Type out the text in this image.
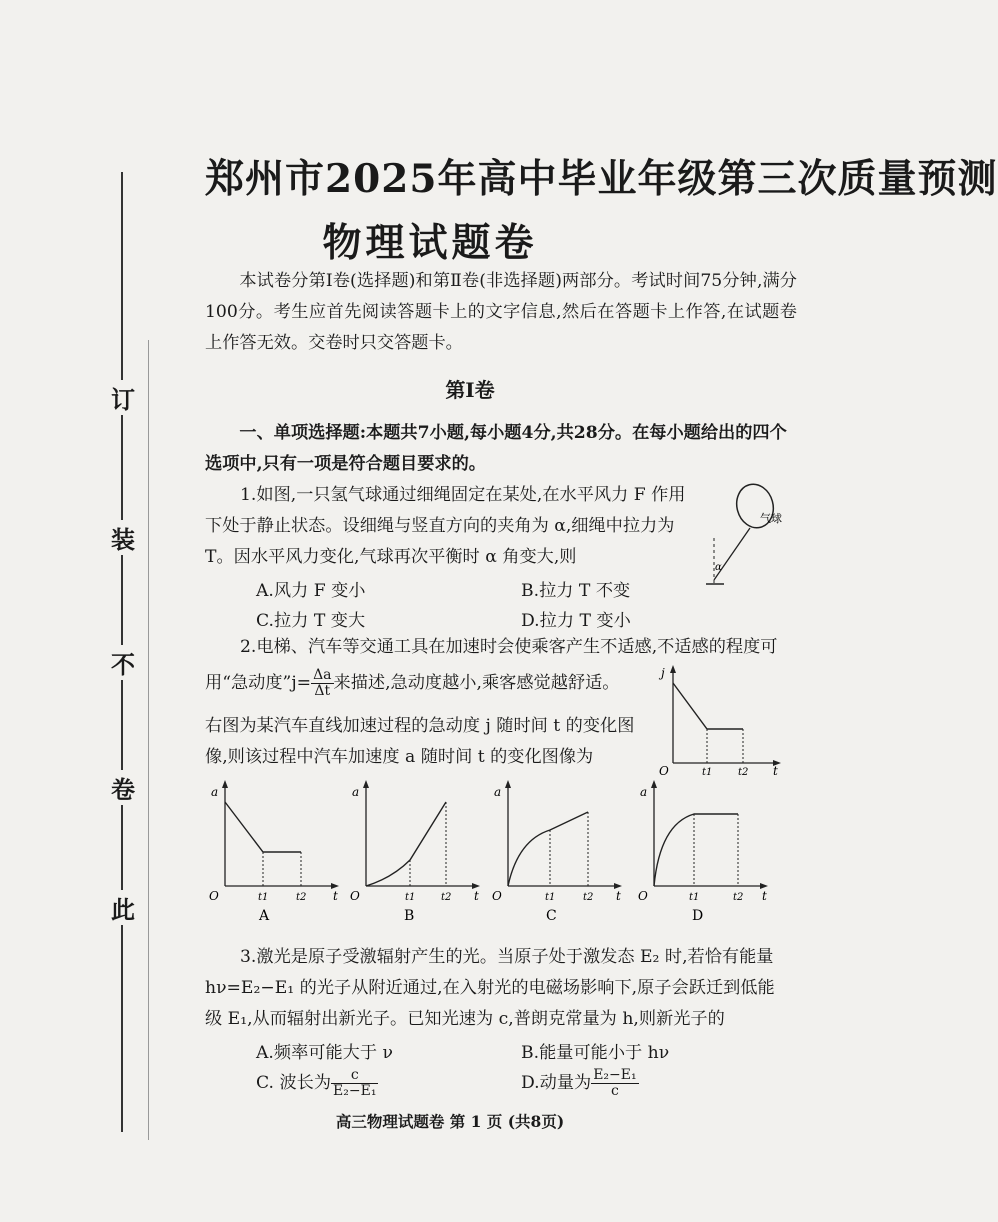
此
卷
不
装
订
郑州市2025年高中毕业年级第三次质量预测
物理试题卷
本试卷分第Ⅰ卷(选择题)和第Ⅱ卷(非选择题)两部分。考试时间75分钟,满分100分。考生应首先阅读答题卡上的文字信息,然后在答题卡上作答,在试题卷上作答无效。交卷时只交答题卡。
第Ⅰ卷
一、单项选择题:本题共7小题,每小题4分,共28分。在每小题给出的四个选项中,只有一项是符合题目要求的。
1.如图,一只氢气球通过细绳固定在某处,在水平风力 F 作用
下处于静止状态。设细绳与竖直方向的夹角为 α,细绳中拉力为
T。因水平风力变化,气球再次平衡时 α 角变大,则
A.风力 F 变小	B.拉力 T 不变
C.拉力 T 变大	D.拉力 T 变小
气球
α
2.电梯、汽车等交通工具在加速时会使乘客产生不适感,不适感的程度可
用“急动度”j= $\frac{\Delta a}{\Delta t}$ 来描述,急动度越小,乘客感觉越舒适。
右图为某汽车直线加速过程的急动度 j 随时间 t 的变化图
像,则该过程中汽车加速度 a 随时间 t 的变化图像为
j
O	t1	t2 t
a
O	t1	t2 t
A
a
O	t1	t2 t
B
a
O	t1	t2 t
C
a
O	t1	t2 t
D
3.激光是原子受激辐射产生的光。当原子处于激发态 E₂ 时,若恰有能量
hν=E₂−E₁ 的光子从附近通过,在入射光的电磁场影响下,原子会跃迁到低能
级 E₁,从而辐射出新光子。已知光速为 c,普朗克常量为 h,则新光子的
A.频率可能大于 ν	B.能量可能小于 hν
C. 波长为 $\frac{c}{\text{E₂−E₁}}$	D.动量为 $\frac{\text{E₂−E₁}}{c}$
高三物理试题卷 第 1 页 (共8页)
